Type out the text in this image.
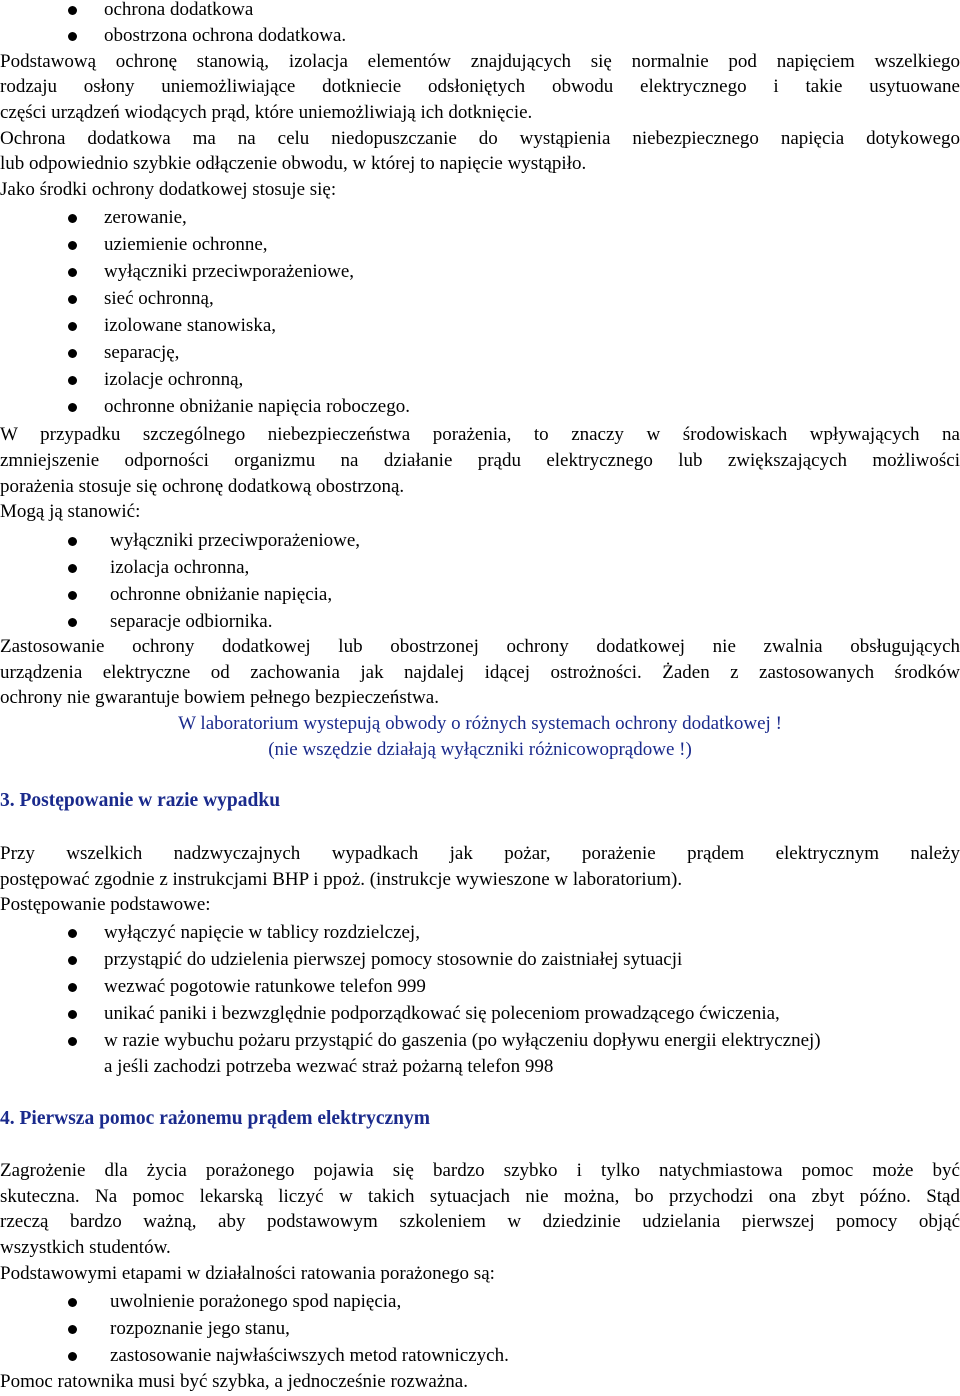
ochrona dodatkowa
obostrzona ochrona dodatkowa.
Podstawową ochronę stanowią, izolacja elementów znajdujących się normalnie pod napięciem wszelkiego
rodzaju osłony uniemożliwiające dotkniecie odsłoniętych obwodu elektrycznego i takie usytuowane
części urządzeń wiodących prąd, które uniemożliwiają ich dotknięcie.
Ochrona dodatkowa ma na celu niedopuszczanie do wystąpienia niebezpiecznego napięcia dotykowego
lub odpowiednio szybkie odłączenie obwodu, w której to napięcie wystąpiło.
Jako środki ochrony dodatkowej stosuje się:
zerowanie,
uziemienie ochronne,
wyłączniki przeciwporażeniowe,
sieć ochronną,
izolowane stanowiska,
separację,
izolacje ochronną,
ochronne obniżanie napięcia roboczego.
W przypadku szczególnego niebezpieczeństwa porażenia, to znaczy w środowiskach wpływających na
zmniejszenie odporności organizmu na działanie prądu elektrycznego lub zwiększających możliwości
porażenia stosuje się ochronę dodatkową obostrzoną.
Mogą ją stanowić:
wyłączniki przeciwporażeniowe,
izolacja ochronna,
ochronne obniżanie napięcia,
separacje odbiornika.
Zastosowanie ochrony dodatkowej lub obostrzonej ochrony dodatkowej nie zwalnia obsługujących
urządzenia elektryczne od zachowania jak najdalej idącej ostrożności. Żaden z zastosowanych środków
ochrony nie gwarantuje bowiem pełnego bezpieczeństwa.
W laboratorium wystepują obwody o różnych systemach ochrony dodatkowej !
(nie wszędzie działają wyłączniki różnicowoprądowe !)
3. Postępowanie w razie wypadku
Przy wszelkich nadzwyczajnych wypadkach jak pożar, porażenie prądem elektrycznym należy
postępować zgodnie z instrukcjami BHP i ppoż. (instrukcje wywieszone w laboratorium).
Postępowanie podstawowe:
wyłączyć napięcie w tablicy rozdzielczej,
przystąpić do udzielenia pierwszej pomocy stosownie do zaistniałej sytuacji
wezwać pogotowie ratunkowe telefon 999
unikać paniki i bezwzględnie podporządkować się poleceniom prowadzącego ćwiczenia,
w razie wybuchu pożaru przystąpić do gaszenia (po wyłączeniu dopływu energii elektrycznej)
a jeśli zachodzi potrzeba wezwać straż pożarną telefon 998
4. Pierwsza pomoc rażonemu prądem elektrycznym
Zagrożenie dla życia porażonego pojawia się bardzo szybko i tylko natychmiastowa pomoc może być
skuteczna. Na pomoc lekarską liczyć w takich sytuacjach nie można, bo przychodzi ona zbyt późno. Stąd
rzeczą bardzo ważną, aby podstawowym szkoleniem w dziedzinie udzielania pierwszej pomocy objąć
wszystkich studentów.
Podstawowymi etapami w działalności ratowania porażonego są:
uwolnienie porażonego spod napięcia,
rozpoznanie jego stanu,
zastosowanie najwłaściwszych metod ratowniczych.
Pomoc ratownika musi być szybka, a jednocześnie rozważna.
